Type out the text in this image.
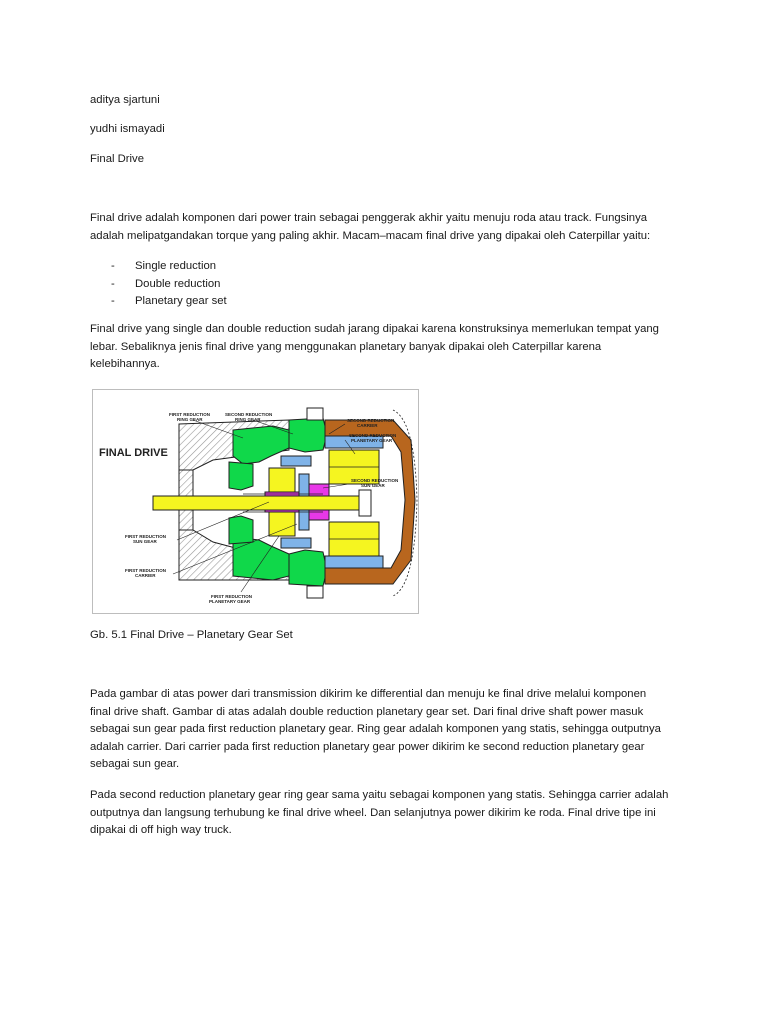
aditya sjartuni
yudhi ismayadi
Final Drive

Final drive adalah komponen dari power train sebagai penggerak akhir yaitu menuju roda atau track. Fungsinya

adalah melipatgandakan torque yang paling akhir. Macam–macam final drive yang dipakai oleh Caterpillar yaitu:

- Single reduction
- Double reduction
- Planetary gear set

Final drive yang single dan double reduction sudah jarang dipakai karena konstruksinya memerlukan tempat yang

lebar. Sebaliknya jenis final drive yang menggunakan planetary banyak dipakai oleh Caterpillar karena

kelebihannya.

FIRST REDUCTION
RING GEAR
SECOND REDUCTION
RING GEAR	SECOND REDUCTION
CARRIER
SECOND REDUCTION
PLANETARY GEAR
SECOND REDUCTION
SUN GEAR
FINAL DRIVE
FIRST REDUCTION
SUN GEAR
FIRST REDUCTION
CARRIER
FIRST REDUCTION
PLANETARY GEAR
Gb. 5.1 Final Drive – Planetary Gear Set

Pada gambar di atas power dari transmission dikirim ke differential dan menuju ke final drive melalui komponen

final drive shaft. Gambar di atas adalah double reduction planetary gear set. Dari final drive shaft power masuk

sebagai sun gear pada first reduction planetary gear. Ring gear adalah komponen yang statis, sehingga outputnya

adalah carrier. Dari carrier pada first reduction planetary gear power dikirim ke second reduction planetary gear

sebagai sun gear.

Pada second reduction planetary gear ring gear sama yaitu sebagai komponen yang statis. Sehingga carrier adalah

outputnya dan langsung terhubung ke final drive wheel. Dan selanjutnya power dikirim ke roda. Final drive tipe ini

dipakai di off high way truck.
